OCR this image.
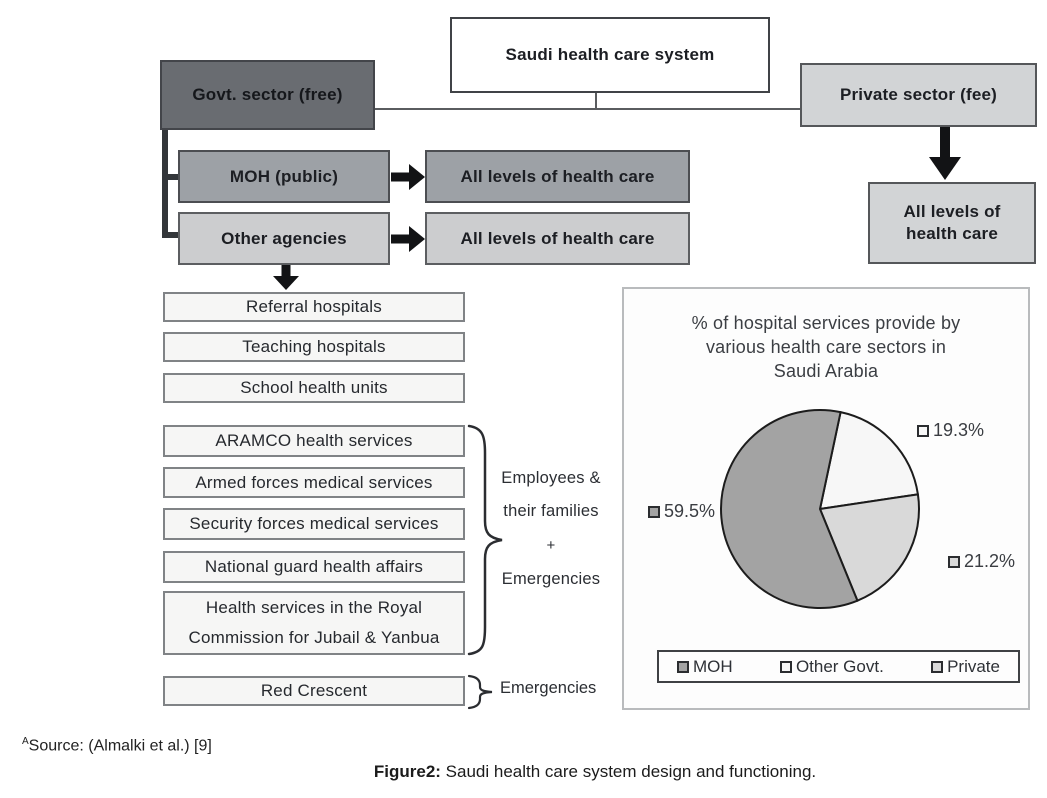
Saudi health care system
Govt. sector (free)	Private sector (fee)
MOH (public)	All levels of health care
Other agencies	All levels of health care
All levels of health care
Referral hospitals
Teaching hospitals
School health units
ARAMCO health services
Armed forces medical services
Security forces medical services
National guard health affairs
Health services in the Royal Commission for Jubail & Yanbua
Red Crescent
Employees &
their families
+
Emergencies
Emergencies
% of hospital services provide by
various health care sectors in
Saudi Arabia
59.5%
19.3%
21.2%
MOH	Other Govt.	Private
$^A$Source: (Almalki et al.) [9]
Figure2: Saudi health care system design and functioning.
